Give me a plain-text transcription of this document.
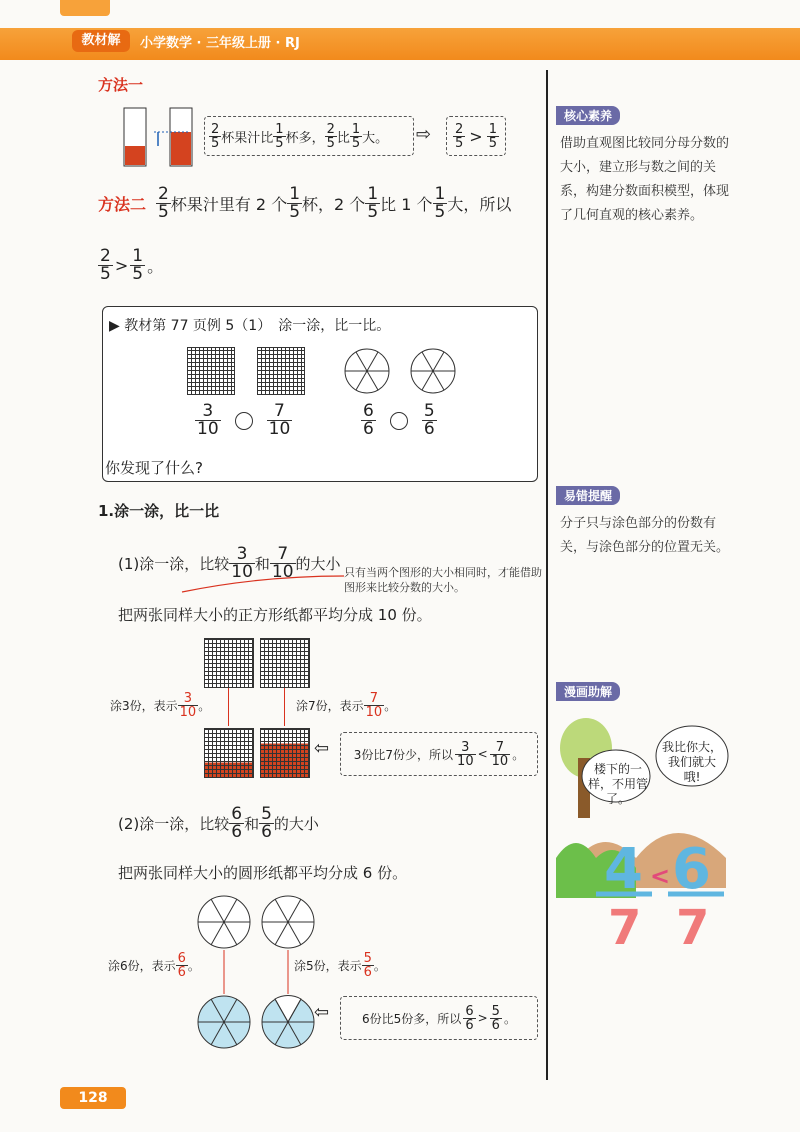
教材解	小学数学 · 三年级上册 · RJ
方法一
$\frac{2}{5}$ 杯果汁比 $\frac{1}{5}$ 杯多， $\frac{2}{5}$ 比 $\frac{1}{5}$ 大。 ⇨ $\frac{2}{5} > \frac{1}{5}$
方法二 $\frac{2}{5}$ 杯果汁里有 2 个 $\frac{1}{5}$ 杯，2 个 $\frac{1}{5}$ 比 1 个 $\frac{1}{5}$ 大，所以
$\frac{2}{5} > \frac{1}{5}$ 。
▶ 教材第 77 页例 5（1）　涂一涂，比一比。
$\frac{3}{10}$	$\frac{7}{10}$	$\frac{6}{6}$	$\frac{5}{6}$
你发现了什么?
1.涂一涂，比一比
(1)涂一涂，比较 $\frac{3}{10}$ 和 $\frac{7}{10}$ 的大小 只有当两个图形的大小相同时，才能借助图形来比较分数的大小。
把两张同样大小的正方形纸都平均分成 10 份。
涂3份，表示 $\frac{3}{10}$ 。	涂7份，表示 $\frac{7}{10}$ 。
⇦ 3份比7份少，所以 $\frac{3}{10} < \frac{7}{10}$ 。
(2)涂一涂，比较 $\frac{6}{6}$ 和 $\frac{5}{6}$ 的大小
把两张同样大小的圆形纸都平均分成 6 份。
涂6份，表示 $\frac{6}{6}$ 。	涂5份，表示 $\frac{5}{6}$ 。
⇦	6份比5份多，所以 $\frac{6}{6} > \frac{5}{6}$ 。
核心素养
借助直观图比较同分母分数的大小，建立形与数之间的关系，构建分数面积模型，体现了几何直观的核心素养。
易错提醒
分子只与涂色部分的份数有关，与涂色部分的位置无关。
漫画助解
4 6
<
7 7
楼下的一样，不用管了。
我比你大，我们就大哦!
128
